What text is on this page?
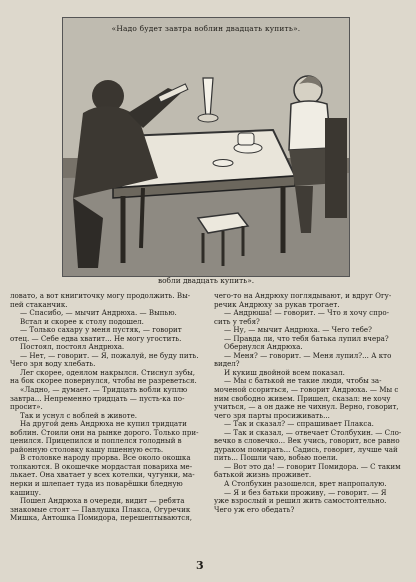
«Надо будет завтра воблин двадцать купить».
вобли двадцать купить».

ловато, а вот книгиточку могу продолжить. Вы-

пей стаканчик.

— Спасибо, — мычит Андрюха. — Выпью.

Встал и скорее к столу подошел.

— Только сахару у меня пустяк, — говорит

отец. — Себе едва хватит... Не могу угостить.

Постоял, постоял Андрюха.

— Нет, — говорит. — Я, пожалуй, не буду пить.

Чего зря воду хлебать.

Лег скорее, одеялом накрылся. Стиснул зубы,

на бок скорее повернулся, чтобы не разреветься.

«Ладно, — думает. — Тридцать вобли куплю

завтра... Непременно тридцать — пусть-ка по-

просит».

Так и уснул с воблей в животе.

На другой день Андрюха не купил тридцати

воблин. Стоили они на рынке дорого. Только при-

ценился. Прицепился и поплелся голодный в

районную столовку кашу пшенную есть.

В столовке народу прорва. Все около окошка

толкаются. В окошечке мордастая поварихa ме-

лькает. Она хватает у всех котелки, чугунки, ма-

нерки и шлепает туда из поварёшки бледную

кашицу.

Пошел Андрюха в очереди, видит — ребята

знакомые стоят — Павлушка Плаксa, Огуречик

Мишка, Антошка Помидора, перешептываются,

чего-то на Андрюху поглядывают, и вдруг Огу-

речик Андрюху за рукав трогает.

— Андрюша! — говорит. — Что я хочу спро-

сить у тебя?

— Ну, — мычит Андрюха. — Чего тебе?

— Правда ли, что тебя батька лупил вчера?

Обернулся Андрюха.

— Меня? — говорит. — Меня лупил?... А кто

видел?

И кукиш двойной всем показал.

— Мы с батькой не такие люди, чтобы за-

моченой ссориться, — говорит Андрюха. — Мы с

ним свободно живем. Пришел, сказал: не хочу

учиться, — а он даже не чихнул. Верно, говорит,

чего зря парты просиживать...

— Так и сказал? — спрашивает Плакса.

— Так и сказал, — отвечает Столбухин. — Сло-

вечко в словечко... Век учись, говорит, все равно

дураком помирать... Садись, говорит, лучше чай

пить... Пошли чаю, вобью поели.

— Вот это да! — говорит Помидора. — С таким

батькой жизнь проживет.

А Столбухин разошелся, врет напропалую.

— Я и без батьки проживу, — говорит. — Я

уже взрослый и решил жить самостоятельно.

Чего уж его обедать?

3
